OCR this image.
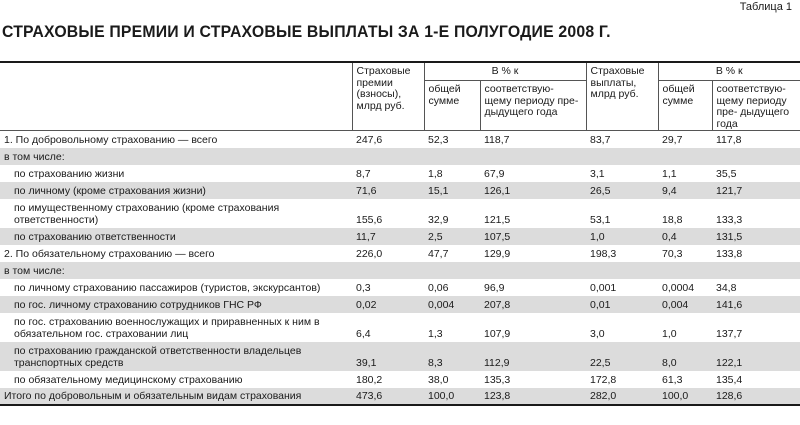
Таблица 1
СТРАХОВЫЕ ПРЕМИИ И СТРАХОВЫЕ ВЫПЛАТЫ ЗА 1-Е ПОЛУГОДИЕ 2008 Г.
	Страховые премии (взносы), млрд руб.	В % к		Страховые выплаты, млрд руб.	В % к	
		общей сумме	соответствую- щему периоду пре- дыдущего года		общей сумме	соответствую- щему периоду пре- дыдущего года
1. По добровольному страхованию — всего	247,6	52,3	118,7	83,7	29,7	117,8
в том числе:						
по страхованию жизни	8,7	1,8	67,9	3,1	1,1	35,5
по личному (кроме страхования жизни)	71,6	15,1	126,1	26,5	9,4	121,7
по имущественному страхованию (кроме страхования ответственности)	155,6	32,9	121,5	53,1	18,8	133,3
по страхованию ответственности	11,7	2,5	107,5	1,0	0,4	131,5
2. По обязательному страхованию — всего	226,0	47,7	129,9	198,3	70,3	133,8
в том числе:						
по личному страхованию пассажиров (туристов, экскурсантов)	0,3	0,06	96,9	0,001	0,0004	34,8
по гос. личному страхованию сотрудников ГНС РФ	0,02	0,004	207,8	0,01	0,004	141,6
по гос. страхованию военнослужащих и приравненных к ним в обязательном гос. страховании лиц	6,4	1,3	107,9	3,0	1,0	137,7
по страхованию гражданской ответственности владельцев транспортных средств	39,1	8,3	112,9	22,5	8,0	122,1
по обязательному медицинскому страхованию	180,2	38,0	135,3	172,8	61,3	135,4
Итого по добровольным и обязательным видам страхования	473,6	100,0	123,8	282,0	100,0	128,6
